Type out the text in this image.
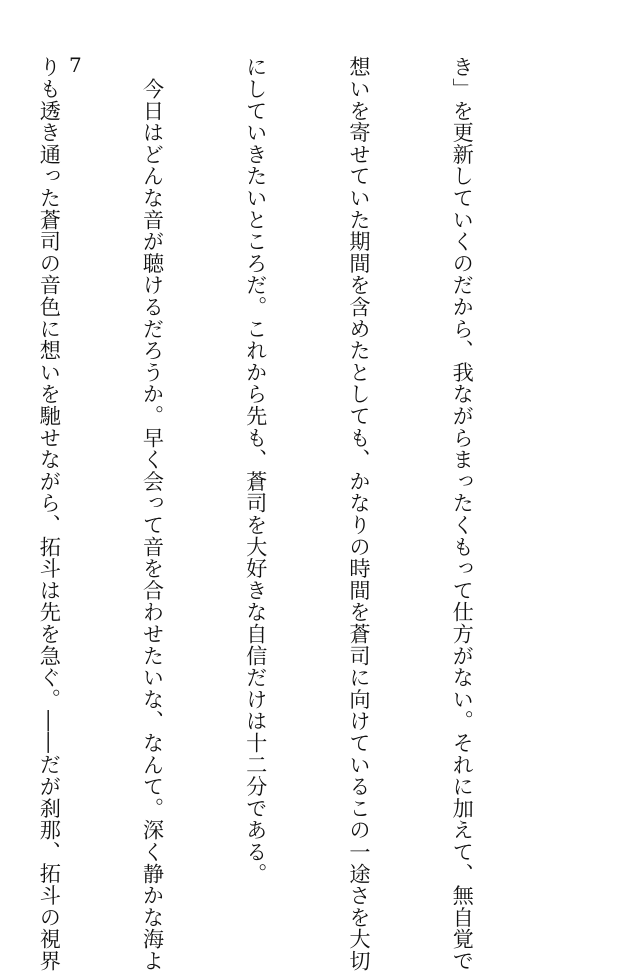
7

	き」を更新していくのだから、我ながらまったくもって仕方がない。それに加えて、無自覚で

想いを寄せていた期間を含めたとしても、かなりの時間を蒼司に向けているこの一途さを大切

にしていきたいところだ。これから先も、蒼司を大好きな自信だけは十二分である。

　今日はどんな音が聴けるだろうか。早く会って音を合わせたいな、なんて。深く静かな海よ

りも透き通った蒼司の音色に想いを馳せながら、拓斗は先を急ぐ。――だが刹那、拓斗の視界
